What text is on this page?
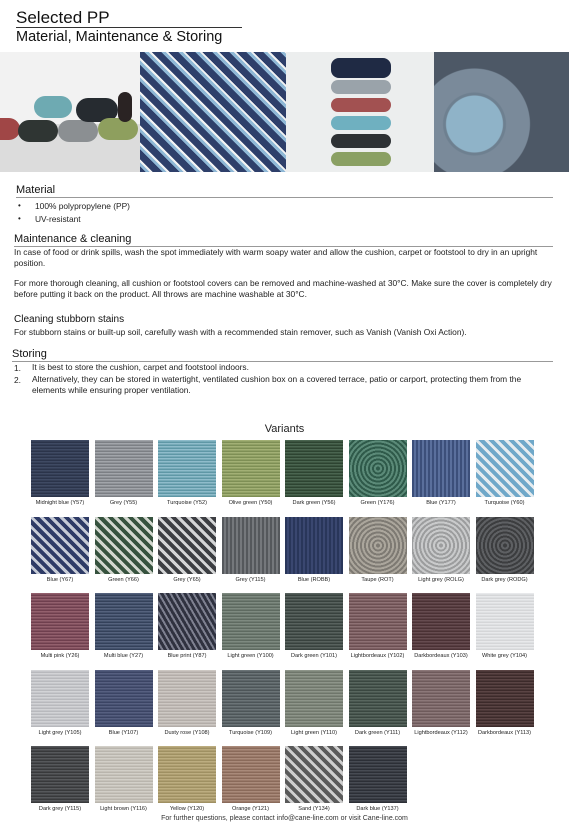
Selected PP
Material, Maintenance & Storing
Material
• 100% polypropylene (PP)
• UV-resistant
Maintenance & cleaning
In case of food or drink spills, wash the spot immediately with warm soapy water and allow the cushion, carpet or footstool to dry in an upright position.
For more thorough cleaning, all cushion or footstool covers can be removed and machine-washed at 30°C. Make sure the cover is completely dry before putting it back on the product. All throws are machine washable at 30°C.
Cleaning stubborn stains
For stubborn stains or built-up soil, carefully wash with a recommended stain remover, such as Vanish (Vanish Oxi Action).
Storing
1. It is best to store the cushion, carpet and footstool indoors.
2. Alternatively, they can be stored in watertight, ventilated cushion box on a covered terrace, patio or carport, protecting them from the elements while ensuring proper ventilation.
Variants
Midnight blue (Y57)	Grey (Y55)	Turquoise (Y52)	Olive green (Y50)	Dark green (Y56)	Green (Y176)	Blue (Y177)	Turquoise (Y60)
Blue (Y67)	Green (Y66)	Grey (Y65)	Grey (Y115)	Blue (ROBB)	Taupe (ROT)	Light grey (ROLG)	Dark grey (RODG)
Multi pink (Y26)	Multi blue (Y27)	Blue print (Y87)	Light green (Y100)	Dark green (Y101)	Lightbordeaux (Y102)	Darkbordeaux (Y103)	White grey (Y104)
Light grey (Y105)	Blue (Y107)	Dusty rose (Y108)	Turquoise (Y109)	Light green (Y110)	Dark green (Y111)	Lightbordeaux (Y112)	Darkbordeaux (Y113)
Dark grey (Y115)	Light brown (Y116)	Yellow (Y120)	Orange (Y121)	Sand (Y134)	Dark blue (Y137)
For further questions, please contact info@cane-line.com or visit Cane-line.com
